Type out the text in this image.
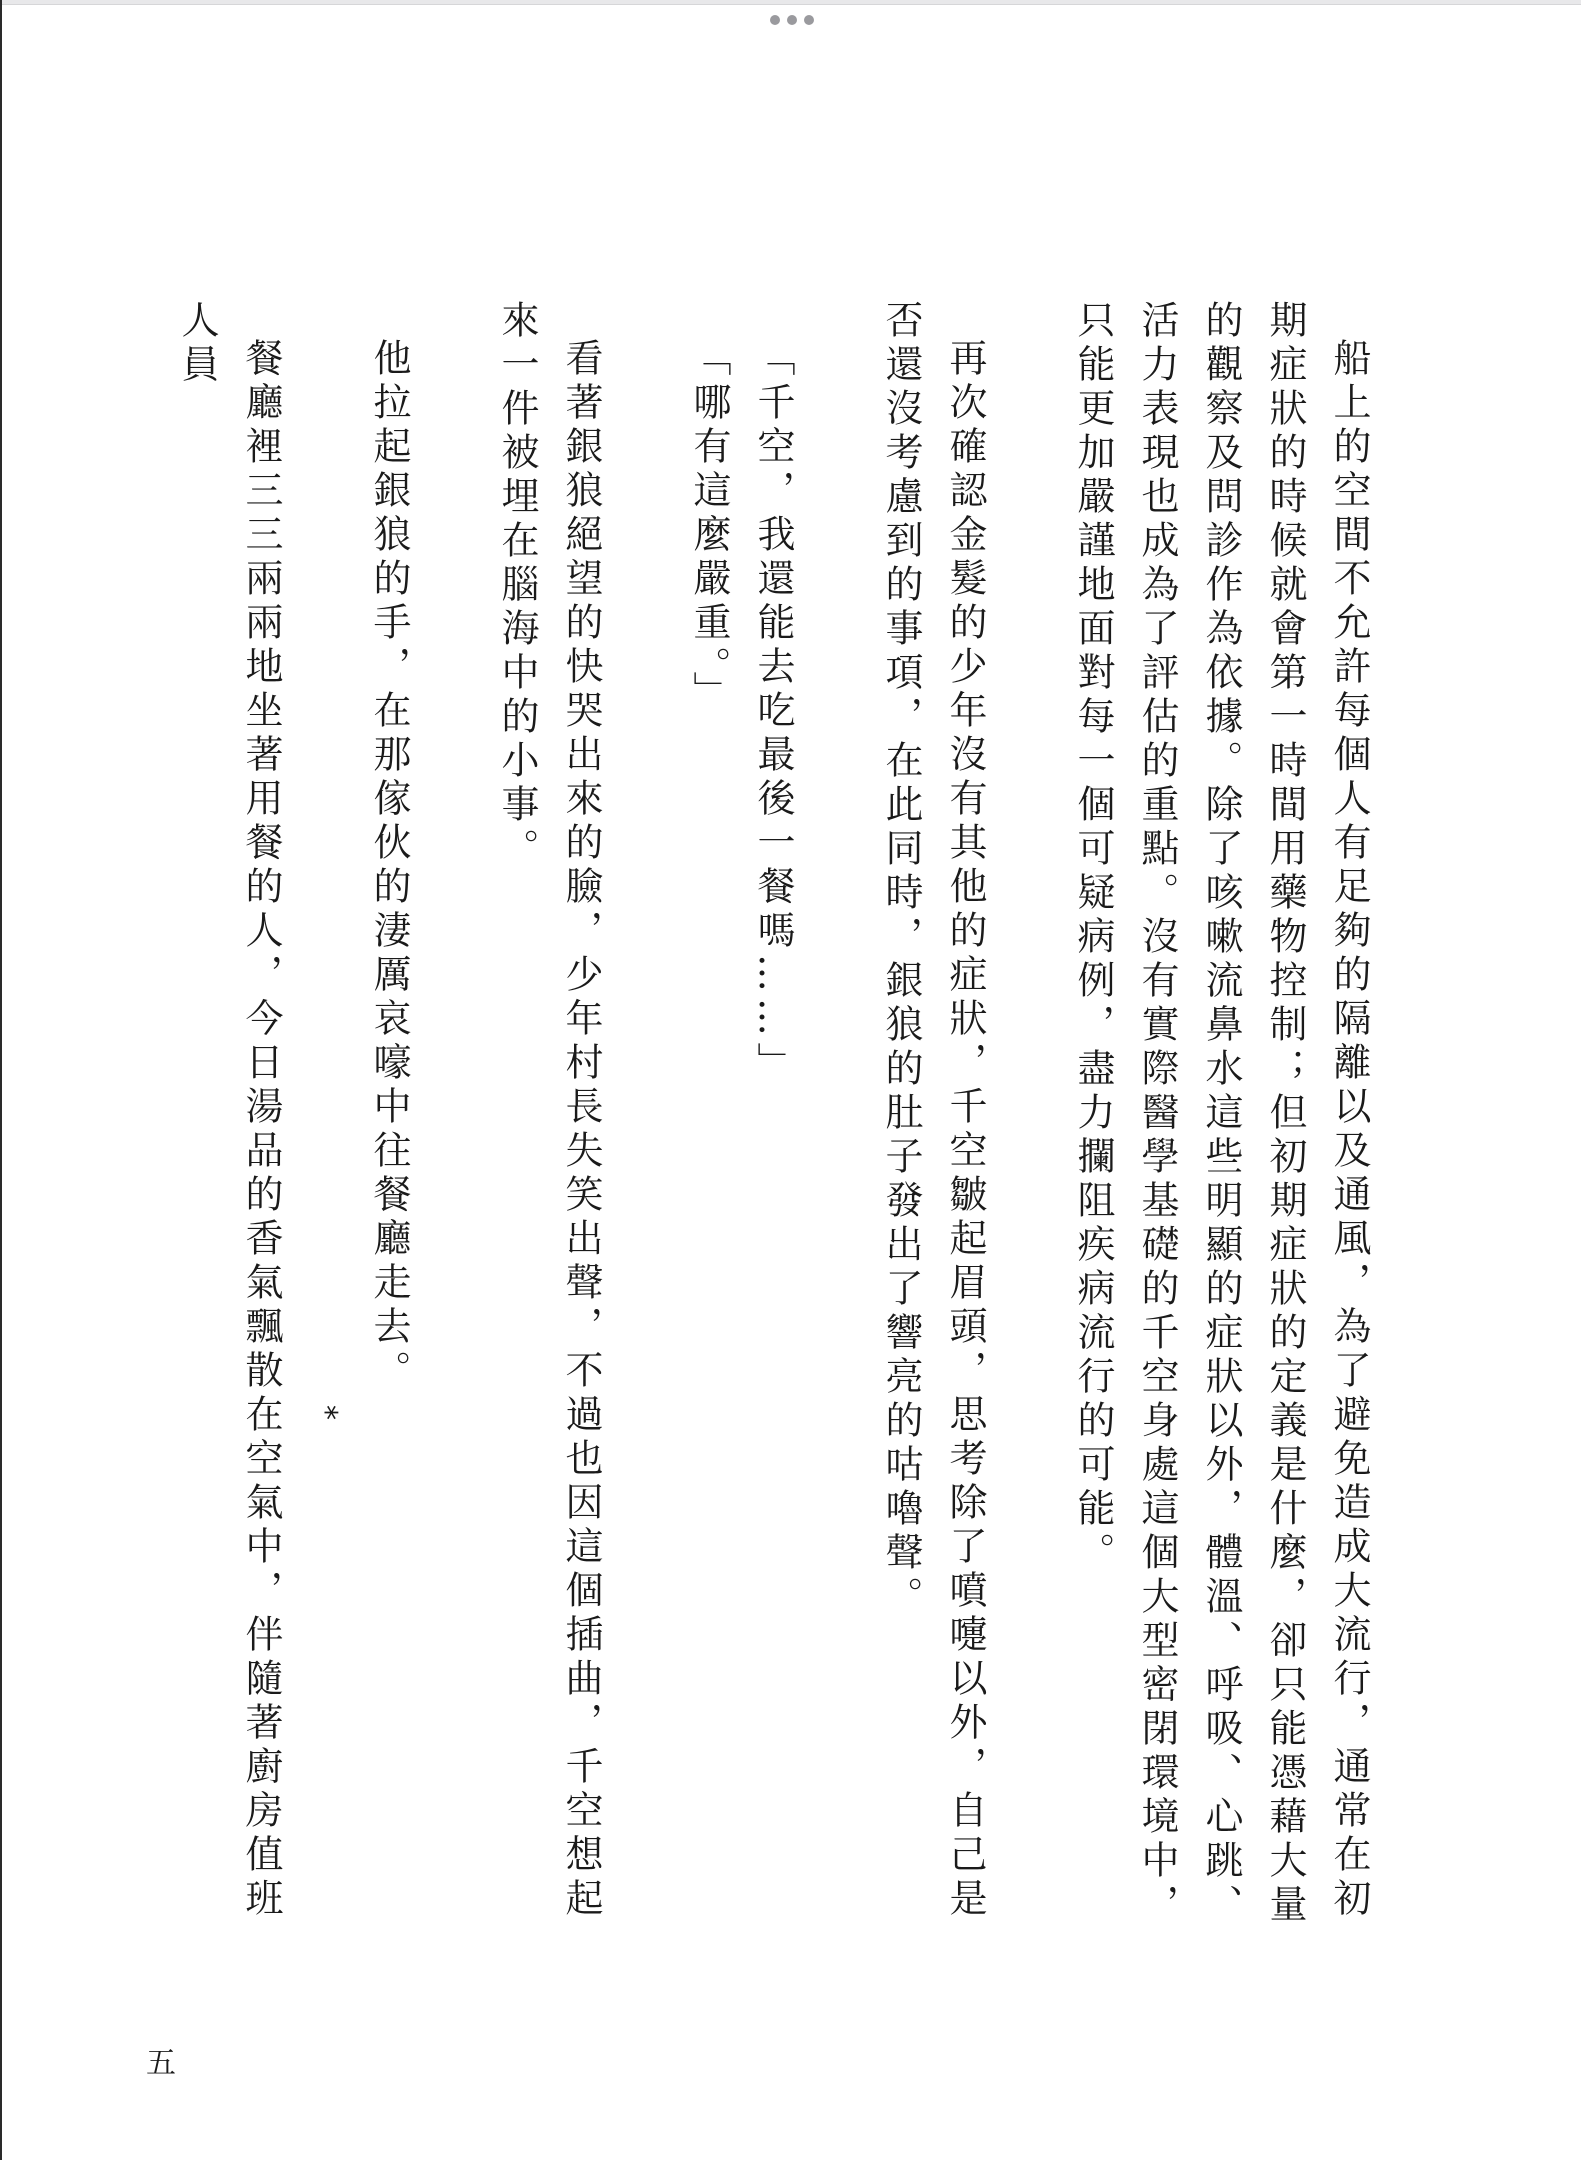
船上的空間不允許每個人有足夠的隔離以及通風，為了避免造成大流行，通常在初期症狀的時候就會第一時間用藥物控制；但初期症狀的定義是什麼，卻只能憑藉大量的觀察及問診作為依據。除了咳嗽流鼻水這些明顯的症狀以外，體溫、呼吸、心跳、活力表現也成為了評估的重點。沒有實際醫學基礎的千空身處這個大型密閉環境中，只能更加嚴謹地面對每一個可疑病例，盡力攔阻疾病流行的可能。

再次確認金髮的少年沒有其他的症狀，千空皺起眉頭，思考除了噴嚏以外，自己是否還沒考慮到的事項，在此同時，銀狼的肚子發出了響亮的咕嚕聲。

「千空，我還能去吃最後一餐嗎……」

「哪有這麼嚴重。」

看著銀狼絕望的快哭出來的臉，少年村長失笑出聲，不過也因這個插曲，千空想起來一件被埋在腦海中的小事。

他拉起銀狼的手，在那傢伙的淒厲哀嚎中往餐廳走去。

*

餐廳裡三三兩兩地坐著用餐的人，今日湯品的香氣飄散在空氣中，伴隨著廚房值班人員

五
